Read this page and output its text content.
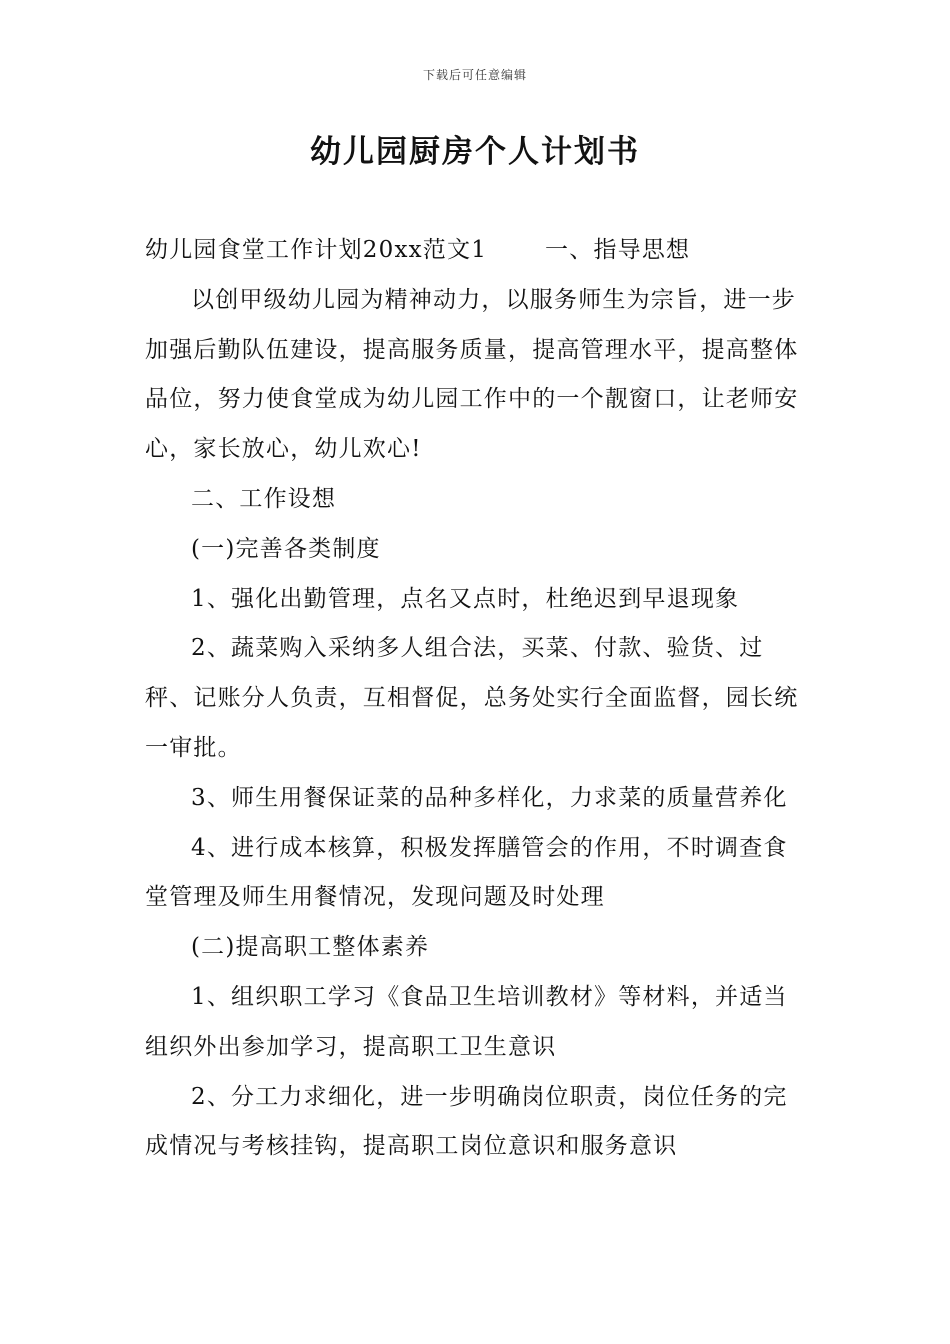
下载后可任意编辑
幼儿园厨房个人计划书

幼儿园食堂工作计划20xx范文1	一、指导思想

以创甲级幼儿园为精神动力，以服务师生为宗旨，进一步加强后勤队伍建设，提高服务质量，提高管理水平，提高整体品位，努力使食堂成为幼儿园工作中的一个靓窗口，让老师安心，家长放心，幼儿欢心!

二、工作设想

(一)完善各类制度

1、强化出勤管理，点名又点时，杜绝迟到早退现象

2、蔬菜购入采纳多人组合法，买菜、付款、验货、过秤、记账分人负责，互相督促，总务处实行全面监督，园长统一审批。

3、师生用餐保证菜的品种多样化，力求菜的质量营养化

4、进行成本核算，积极发挥膳管会的作用，不时调查食堂管理及师生用餐情况，发现问题及时处理

(二)提高职工整体素养

1、组织职工学习《食品卫生培训教材》等材料，并适当组织外出参加学习，提高职工卫生意识

2、分工力求细化，进一步明确岗位职责，岗位任务的完成情况与考核挂钩，提高职工岗位意识和服务意识
